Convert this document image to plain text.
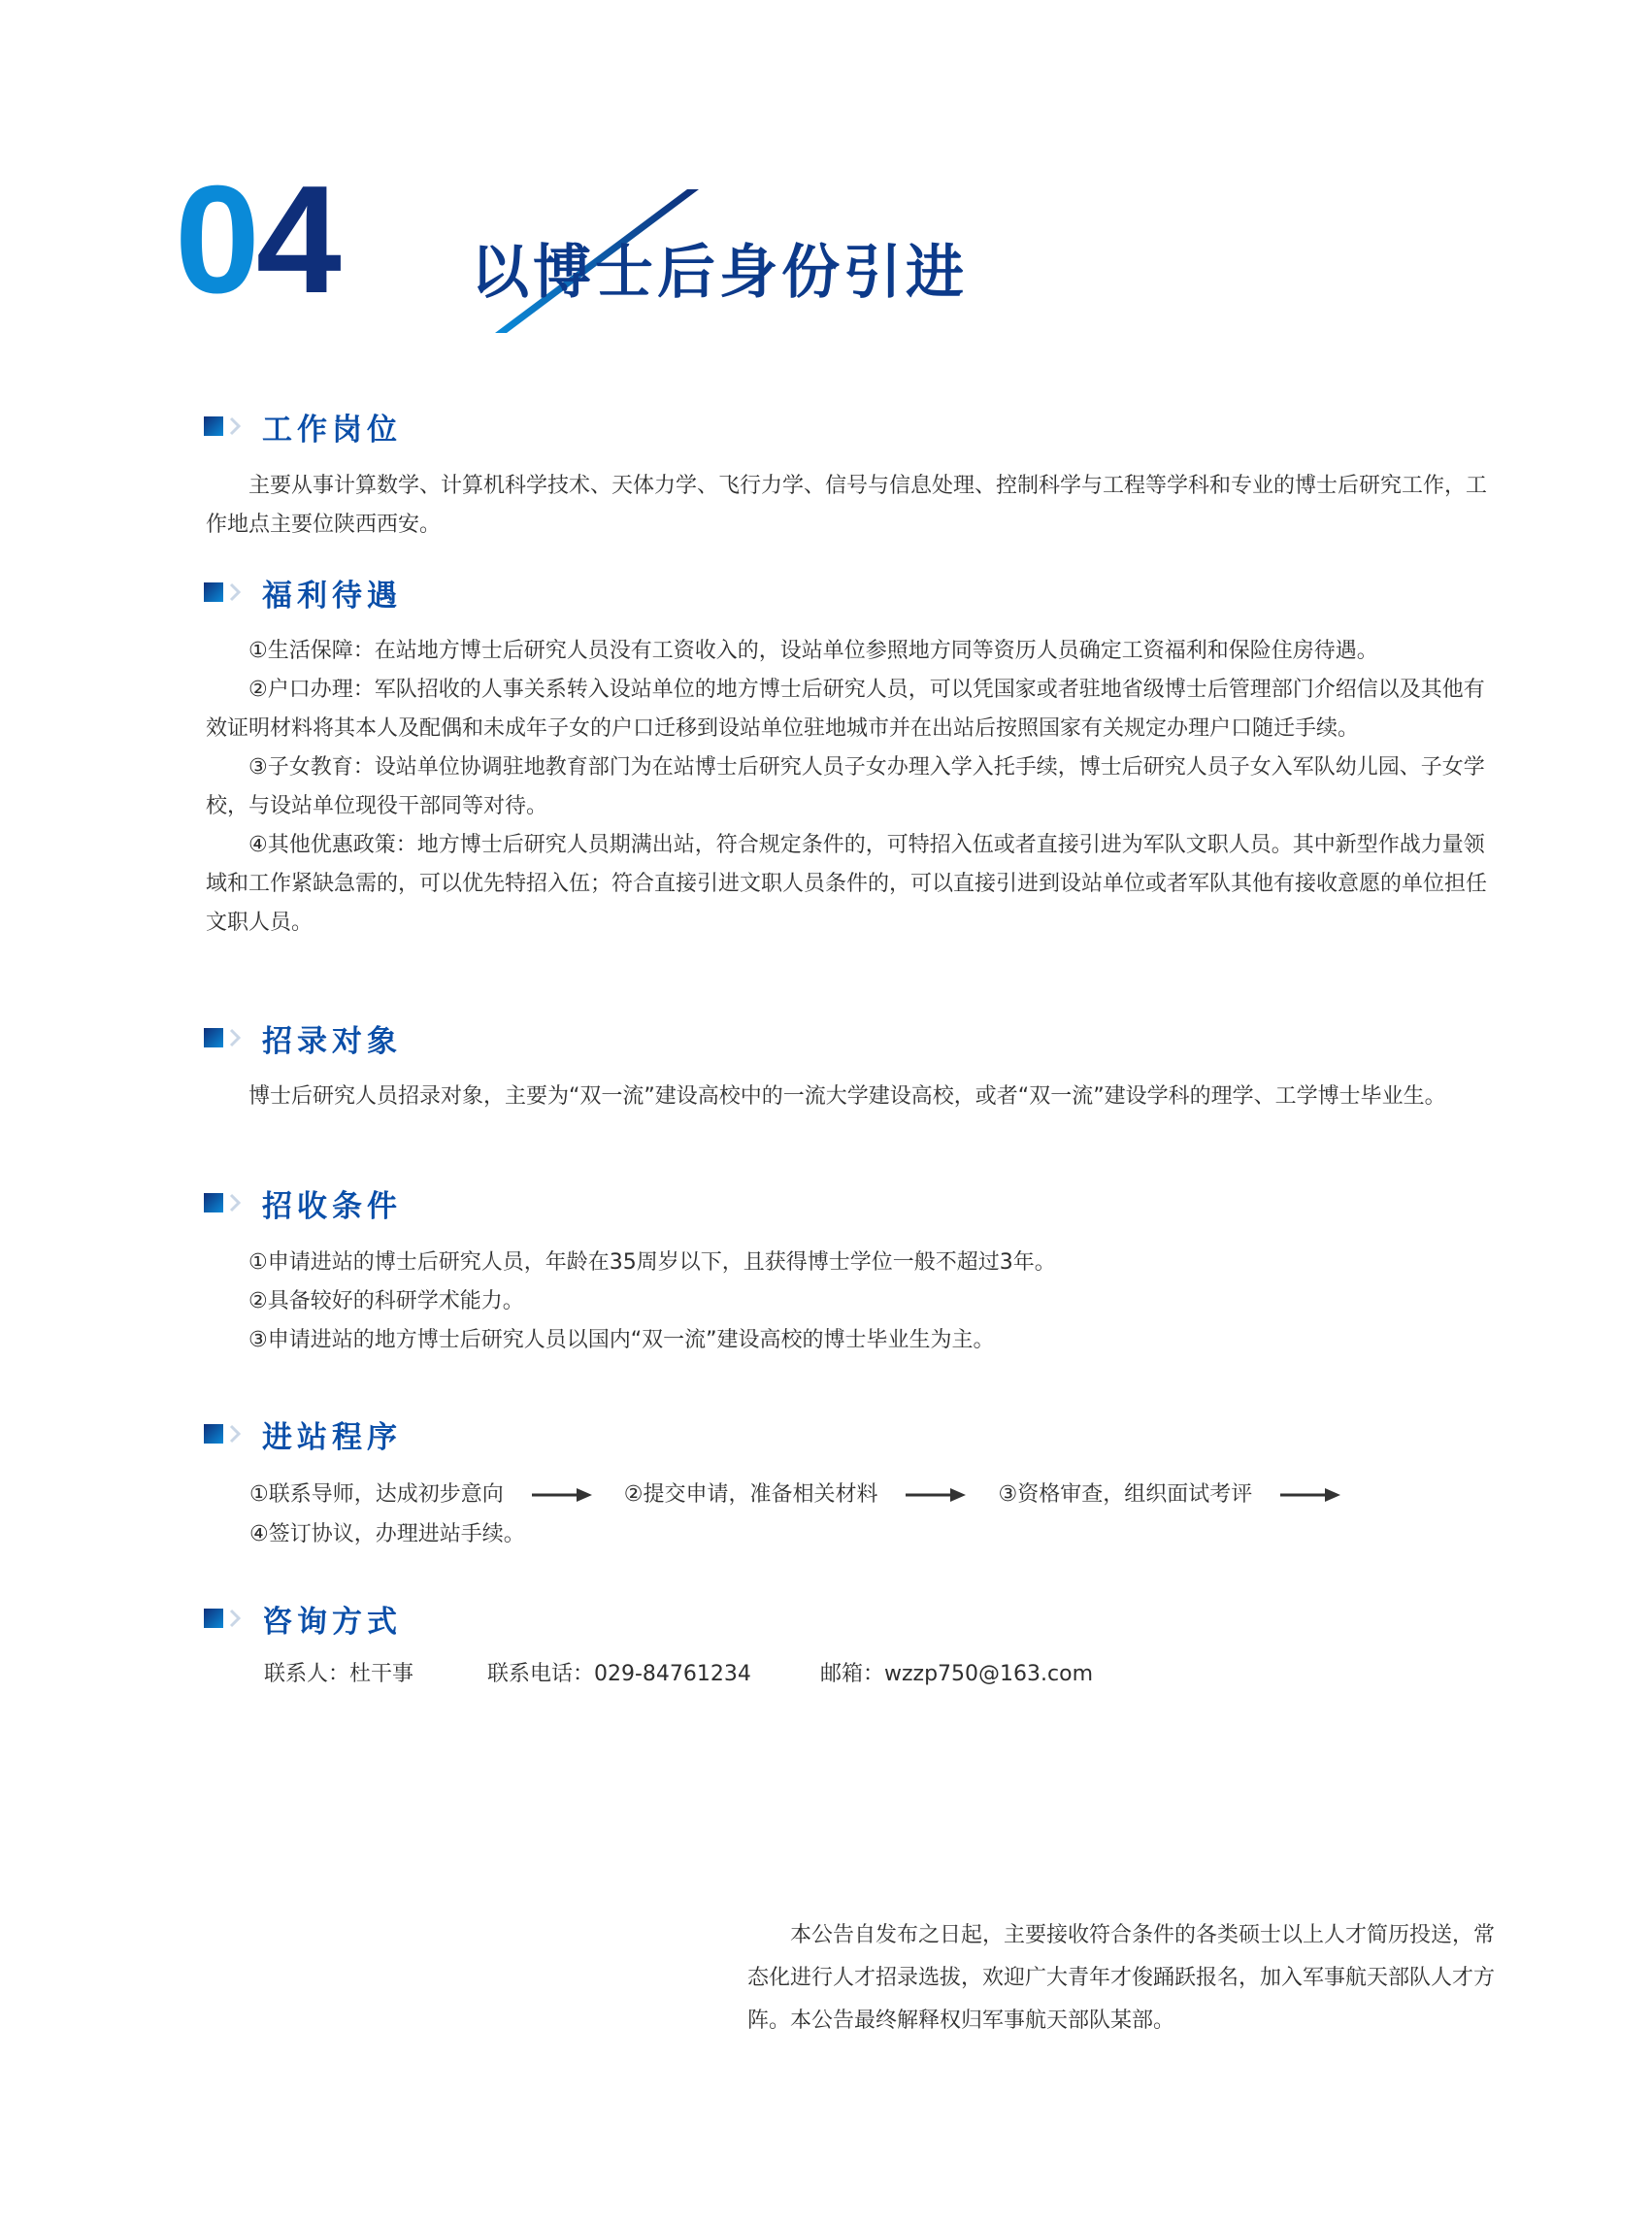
04 以博士后身份引进
工作岗位

主要从事计算数学、计算机科学技术、天体力学、飞行力学、信号与信息处理、控制科学与工程等学科和专业的博士后研究工作，工作地点主要位陕西西安。

福利待遇

①生活保障：在站地方博士后研究人员没有工资收入的，设站单位参照地方同等资历人员确定工资福利和保险住房待遇。

②户口办理：军队招收的人事关系转入设站单位的地方博士后研究人员，可以凭国家或者驻地省级博士后管理部门介绍信以及其他有效证明材料将其本人及配偶和未成年子女的户口迁移到设站单位驻地城市并在出站后按照国家有关规定办理户口随迁手续。

③子女教育：设站单位协调驻地教育部门为在站博士后研究人员子女办理入学入托手续，博士后研究人员子女入军队幼儿园、子女学校，与设站单位现役干部同等对待。

④其他优惠政策：地方博士后研究人员期满出站，符合规定条件的，可特招入伍或者直接引进为军队文职人员。其中新型作战力量领域和工作紧缺急需的，可以优先特招入伍；符合直接引进文职人员条件的，可以直接引进到设站单位或者军队其他有接收意愿的单位担任文职人员。

招录对象

博士后研究人员招录对象，主要为“双一流”建设高校中的一流大学建设高校，或者“双一流”建设学科的理学、工学博士毕业生。

招收条件

①申请进站的博士后研究人员，年龄在35周岁以下，且获得博士学位一般不超过3年。

②具备较好的科研学术能力。

③申请进站的地方博士后研究人员以国内“双一流”建设高校的博士毕业生为主。

进站程序
①联系导师，达成初步意向	②提交申请，准备相关材料	③资格审查，组织面试考评
④签订协议，办理进站手续。
咨询方式
联系人：杜干事	联系电话：029-84761234	邮箱：wzzp750@163.com

本公告自发布之日起，主要接收符合条件的各类硕士以上人才简历投送，常态化进行人才招录选拔，欢迎广大青年才俊踊跃报名，加入军事航天部队人才方阵。本公告最终解释权归军事航天部队某部。
